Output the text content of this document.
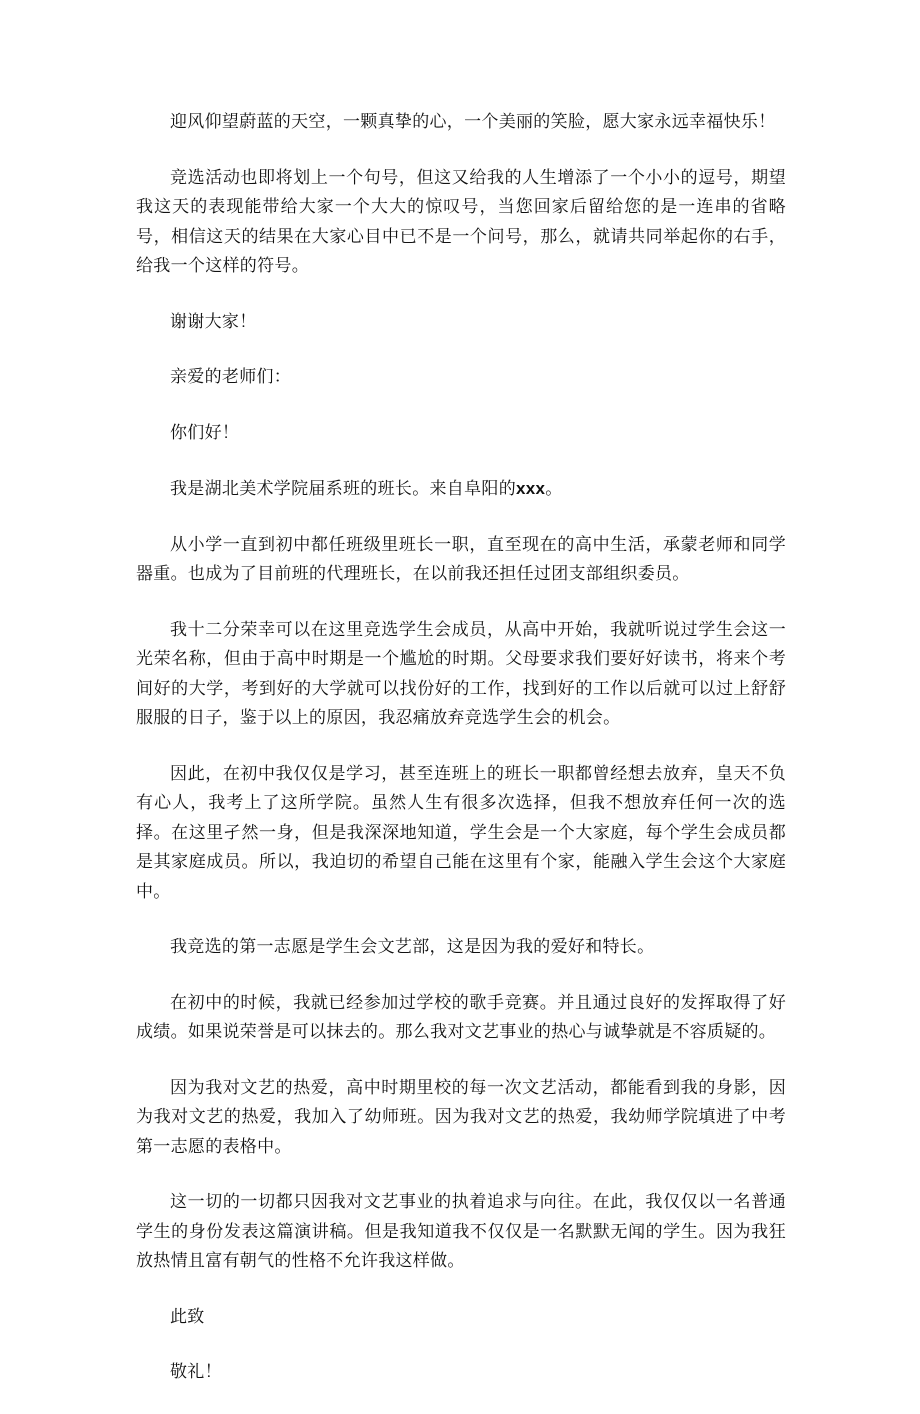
迎风仰望蔚蓝的天空，一颗真挚的心，一个美丽的笑脸，愿大家永远幸福快乐！

竞选活动也即将划上一个句号，但这又给我的人生增添了一个小小的逗号，期望我这天的表现能带给大家一个大大的惊叹号，当您回家后留给您的是一连串的省略号，相信这天的结果在大家心目中已不是一个问号，那么，就请共同举起你的右手，给我一个这样的符号。

谢谢大家！

亲爱的老师们：

你们好！

我是湖北美术学院届系班的班长。来自阜阳的xxx。

从小学一直到初中都任班级里班长一职，直至现在的高中生活，承蒙老师和同学器重。也成为了目前班的代理班长，在以前我还担任过团支部组织委员。

我十二分荣幸可以在这里竞选学生会成员，从高中开始，我就听说过学生会这一光荣名称，但由于高中时期是一个尴尬的时期。父母要求我们要好好读书，将来个考间好的大学，考到好的大学就可以找份好的工作，找到好的工作以后就可以过上舒舒服服的日子，鉴于以上的原因，我忍痛放弃竞选学生会的机会。

因此，在初中我仅仅是学习，甚至连班上的班长一职都曾经想去放弃，皇天不负有心人，我考上了这所学院。虽然人生有很多次选择，但我不想放弃任何一次的选择。在这里孑然一身，但是我深深地知道，学生会是一个大家庭，每个学生会成员都是其家庭成员。所以，我迫切的希望自己能在这里有个家，能融入学生会这个大家庭中。

我竞选的第一志愿是学生会文艺部，这是因为我的爱好和特长。

在初中的时候，我就已经参加过学校的歌手竞赛。并且通过良好的发挥取得了好成绩。如果说荣誉是可以抹去的。那么我对文艺事业的热心与诚挚就是不容质疑的。

因为我对文艺的热爱，高中时期里校的每一次文艺活动，都能看到我的身影，因为我对文艺的热爱，我加入了幼师班。因为我对文艺的热爱，我幼师学院填进了中考第一志愿的表格中。

这一切的一切都只因我对文艺事业的执着追求与向往。在此，我仅仅以一名普通学生的身份发表这篇演讲稿。但是我知道我不仅仅是一名默默无闻的学生。因为我狂放热情且富有朝气的性格不允许我这样做。

此致

敬礼！
